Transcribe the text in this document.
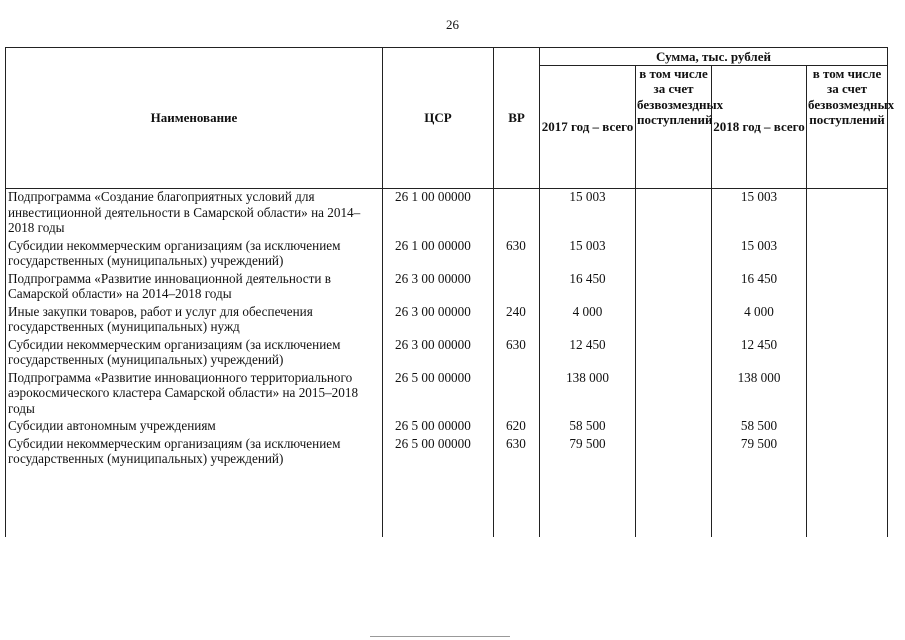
26
Наименование	ЦСР	ВР	Сумма, тыс. рублей			
			2017 год – всего	в том числе за счет безвозмездных поступлений	2018 год – всего	в том числе за счет безвозмездных поступлений
Подпрограмма «Создание благоприятных условий для инвестиционной деятельности в Самарской области» на 2014–2018 годы	26 1 00 00000		15 003		15 003	
Субсидии некоммерческим организациям (за исключением государственных (муниципальных) учреждений)	26 1 00 00000	630	15 003		15 003	
Подпрограмма «Развитие инновационной деятельности в Самарской области» на 2014–2018 годы	26 3 00 00000		16 450		16 450	
Иные закупки товаров, работ и услуг для обеспечения государственных (муниципальных) нужд	26 3 00 00000	240	4 000		4 000	
Субсидии некоммерческим организациям (за исключением государственных (муниципальных) учреждений)	26 3 00 00000	630	12 450		12 450	
Подпрограмма «Развитие инновационного территориального аэрокосмического кластера Самарской области» на 2015–2018 годы	26 5 00 00000		138 000		138 000	
Субсидии автономным учреждениям	26 5 00 00000	620	58 500		58 500	
Субсидии некоммерческим организациям (за исключением государственных (муниципальных) учреждений)	26 5 00 00000	630	79 500		79 500	
